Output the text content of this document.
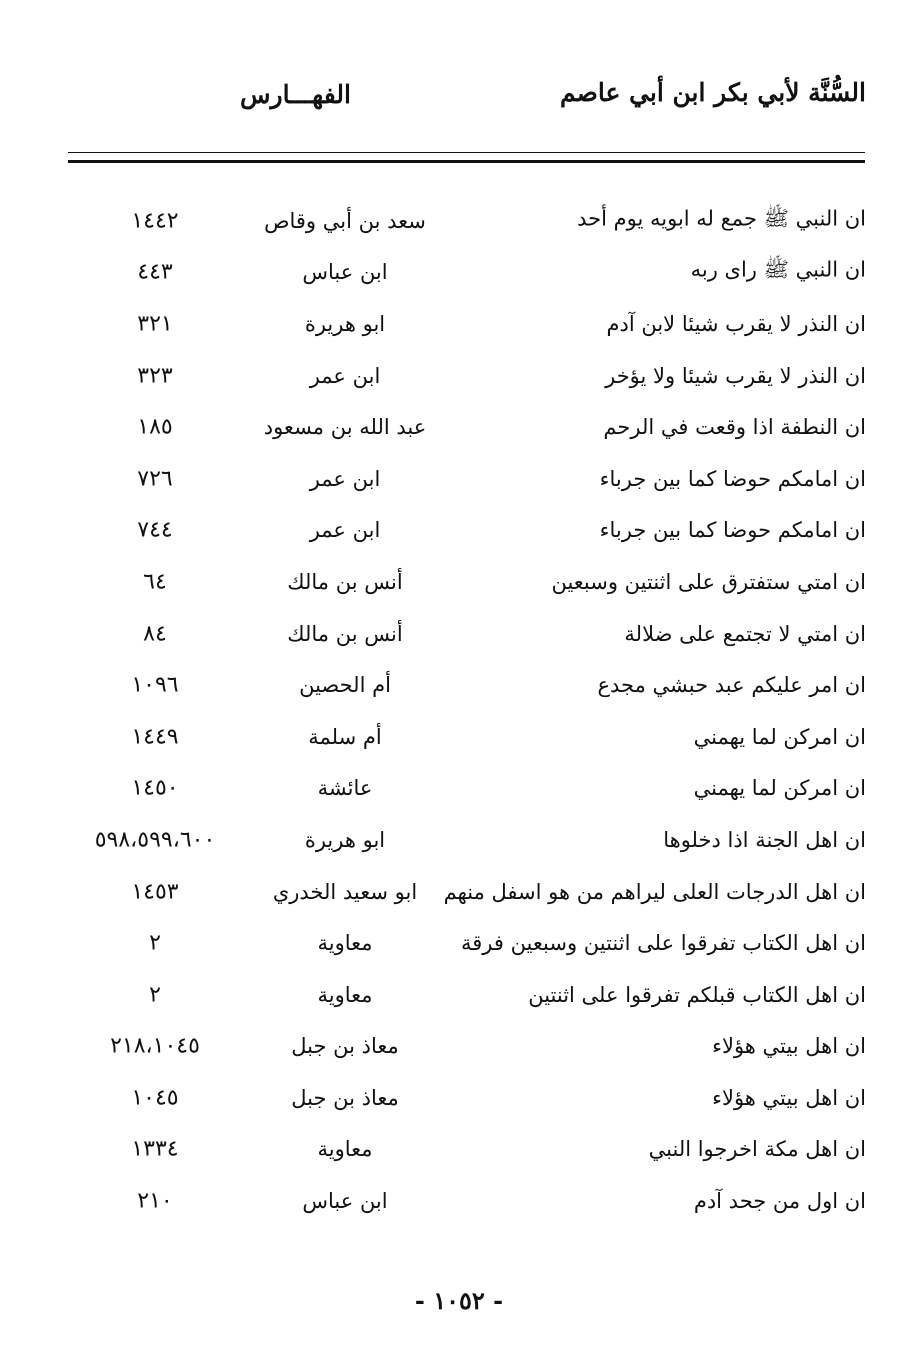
السُّنَّة لأبي بكر ابن أبي عاصم
الفهـــارس
ان النبي ﷺ جمع له ابويه يوم أحد
سعد بن أبي وقاص
١٤٤٢
ان النبي ﷺ راى ربه
ابن عباس
٤٤٣
ان النذر لا يقرب شيئا لابن آدم
ابو هريرة
٣٢١
ان النذر لا يقرب شيئا ولا يؤخر
ابن عمر
٣٢٣
ان النطفة اذا وقعت في الرحم
عبد الله بن مسعود
١٨٥
ان امامكم حوضا كما بين جرباء
ابن عمر
٧٢٦
ان امامكم حوضا كما بين جرباء
ابن عمر
٧٤٤
ان امتي ستفترق على اثنتين وسبعين
أنس بن مالك
٦٤
ان امتي لا تجتمع على ضلالة
أنس بن مالك
٨٤
ان امر عليكم عبد حبشي مجدع
أم الحصين
١٠٩٦
ان امركن لما يهمني
أم سلمة
١٤٤٩
ان امركن لما يهمني
عائشة
١٤٥٠
ان اهل الجنة اذا دخلوها
ابو هريرة
٥٩٨،٥٩٩،٦٠٠
ان اهل الدرجات العلى ليراهم من هو اسفل منهم
ابو سعيد الخدري
١٤٥٣
ان اهل الكتاب تفرقوا على اثنتين وسبعين فرقة
معاوية
٢
ان اهل الكتاب قبلكم تفرقوا على اثنتين
معاوية
٢
ان اهل بيتي هؤلاء
معاذ بن جبل
٢١٨،١٠٤٥
ان اهل بيتي هؤلاء
معاذ بن جبل
١٠٤٥
ان اهل مكة اخرجوا النبي
معاوية
١٣٣٤
ان اول من جحد آدم
ابن عباس
٢١٠
- ١٠٥٢ -
